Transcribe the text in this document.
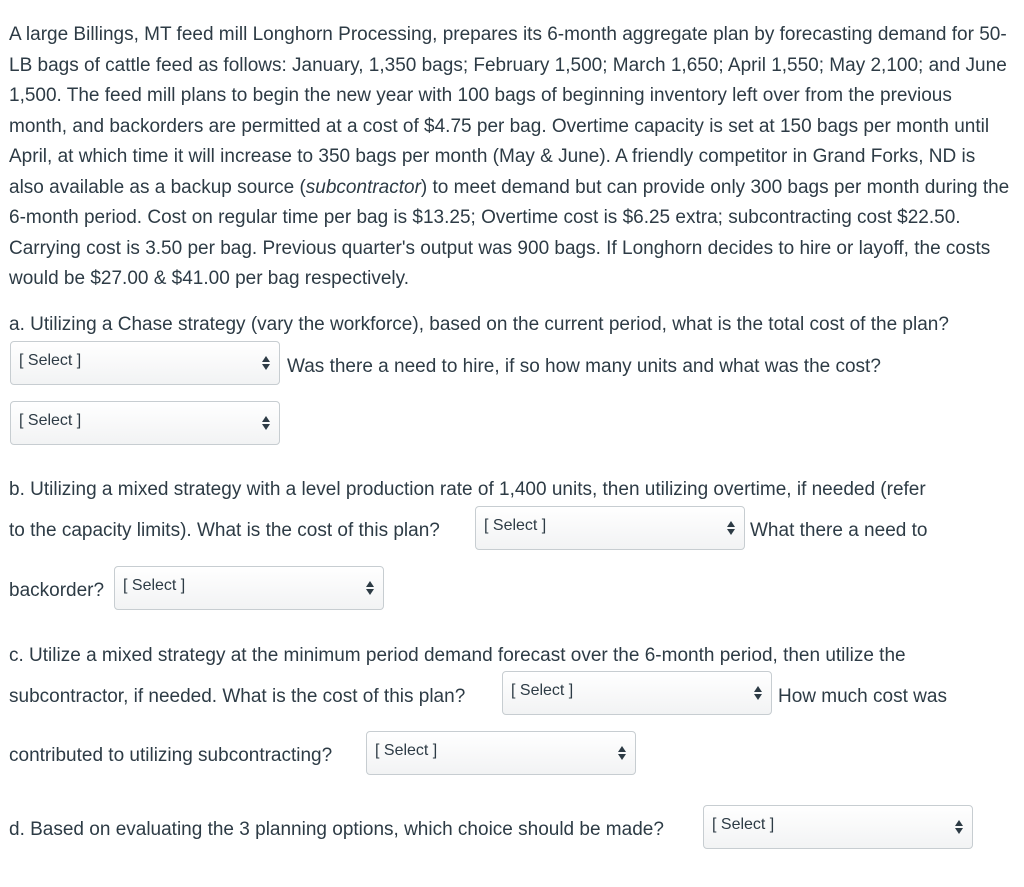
A large Billings, MT feed mill Longhorn Processing, prepares its 6-month aggregate plan by forecasting demand for 50-LB bags of cattle feed as follows: January, 1,350 bags; February 1,500; March 1,650; April 1,550; May 2,100; and June 1,500. The feed mill plans to begin the new year with 100 bags of beginning inventory left over from the previous month, and backorders are permitted at a cost of $4.75 per bag. Overtime capacity is set at 150 bags per month until April, at which time it will increase to 350 bags per month (May & June). A friendly competitor in Grand Forks, ND is also available as a backup source (subcontractor) to meet demand but can provide only 300 bags per month during the 6-month period. Cost on regular time per bag is $13.25; Overtime cost is $6.25 extra; subcontracting cost $22.50. Carrying cost is 3.50 per bag. Previous quarter's output was 900 bags. If Longhorn decides to hire or layoff, the costs would be $27.00 & $41.00 per bag respectively.

a. Utilizing a Chase strategy (vary the workforce), based on the current period, what is the total cost of the plan?
[ Select ]	Was there a need to hire, if so how many units and what was the cost?
[ Select ]
b. Utilizing a mixed strategy with a level production rate of 1,400 units, then utilizing overtime, if needed (refer
to the capacity limits). What is the cost of this plan?	[ Select ]	What there a need to
backorder?	[ Select ]
c. Utilize a mixed strategy at the minimum period demand forecast over the 6-month period, then utilize the
subcontractor, if needed. What is the cost of this plan?	[ Select ]	How much cost was
contributed to utilizing subcontracting?	[ Select ]
d. Based on evaluating the 3 planning options, which choice should be made?	[ Select ]
